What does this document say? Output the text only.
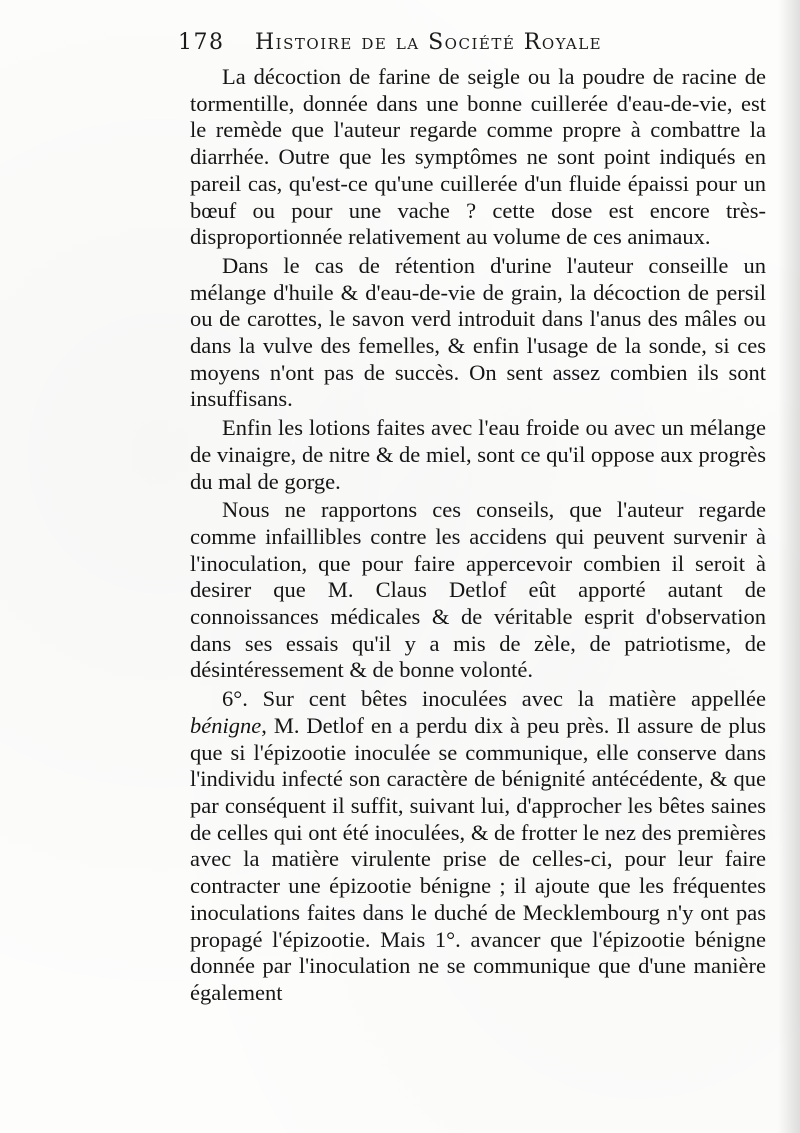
178 Histoire de la Société Royale

La décoction de farine de seigle ou la poudre de racine de tormentille, donnée dans une bonne cuillerée d'eau-de-vie, est le remède que l'auteur regarde comme propre à combattre la diarrhée. Outre que les symptômes ne sont point indiqués en pareil cas, qu'est-ce qu'une cuillerée d'un fluide épaissi pour un bœuf ou pour une vache ? cette dose est encore très-disproportionnée relativement au volume de ces animaux.

Dans le cas de rétention d'urine l'auteur conseille un mélange d'huile & d'eau-de-vie de grain, la décoction de persil ou de carottes, le savon verd introduit dans l'anus des mâles ou dans la vulve des femelles, & enfin l'usage de la sonde, si ces moyens n'ont pas de succès. On sent assez combien ils sont insuffisans.

Enfin les lotions faites avec l'eau froide ou avec un mélange de vinaigre, de nitre & de miel, sont ce qu'il oppose aux progrès du mal de gorge.

Nous ne rapportons ces conseils, que l'auteur regarde comme infaillibles contre les accidens qui peuvent survenir à l'inoculation, que pour faire appercevoir combien il seroit à desirer que M. Claus Detlof eût apporté autant de connoissances médicales & de véritable esprit d'observation dans ses essais qu'il y a mis de zèle, de patriotisme, de désintéressement & de bonne volonté.

6°. Sur cent bêtes inoculées avec la matière appellée bénigne, M. Detlof en a perdu dix à peu près. Il assure de plus que si l'épizootie inoculée se communique, elle conserve dans l'individu infecté son caractère de bénignité antécédente, & que par conséquent il suffit, suivant lui, d'approcher les bêtes saines de celles qui ont été inoculées, & de frotter le nez des premières avec la matière virulente prise de celles-ci, pour leur faire contracter une épizootie bénigne ; il ajoute que les fréquentes inoculations faites dans le duché de Mecklembourg n'y ont pas propagé l'épizootie. Mais 1°. avancer que l'épizootie bénigne donnée par l'inoculation ne se communique que d'une manière également
